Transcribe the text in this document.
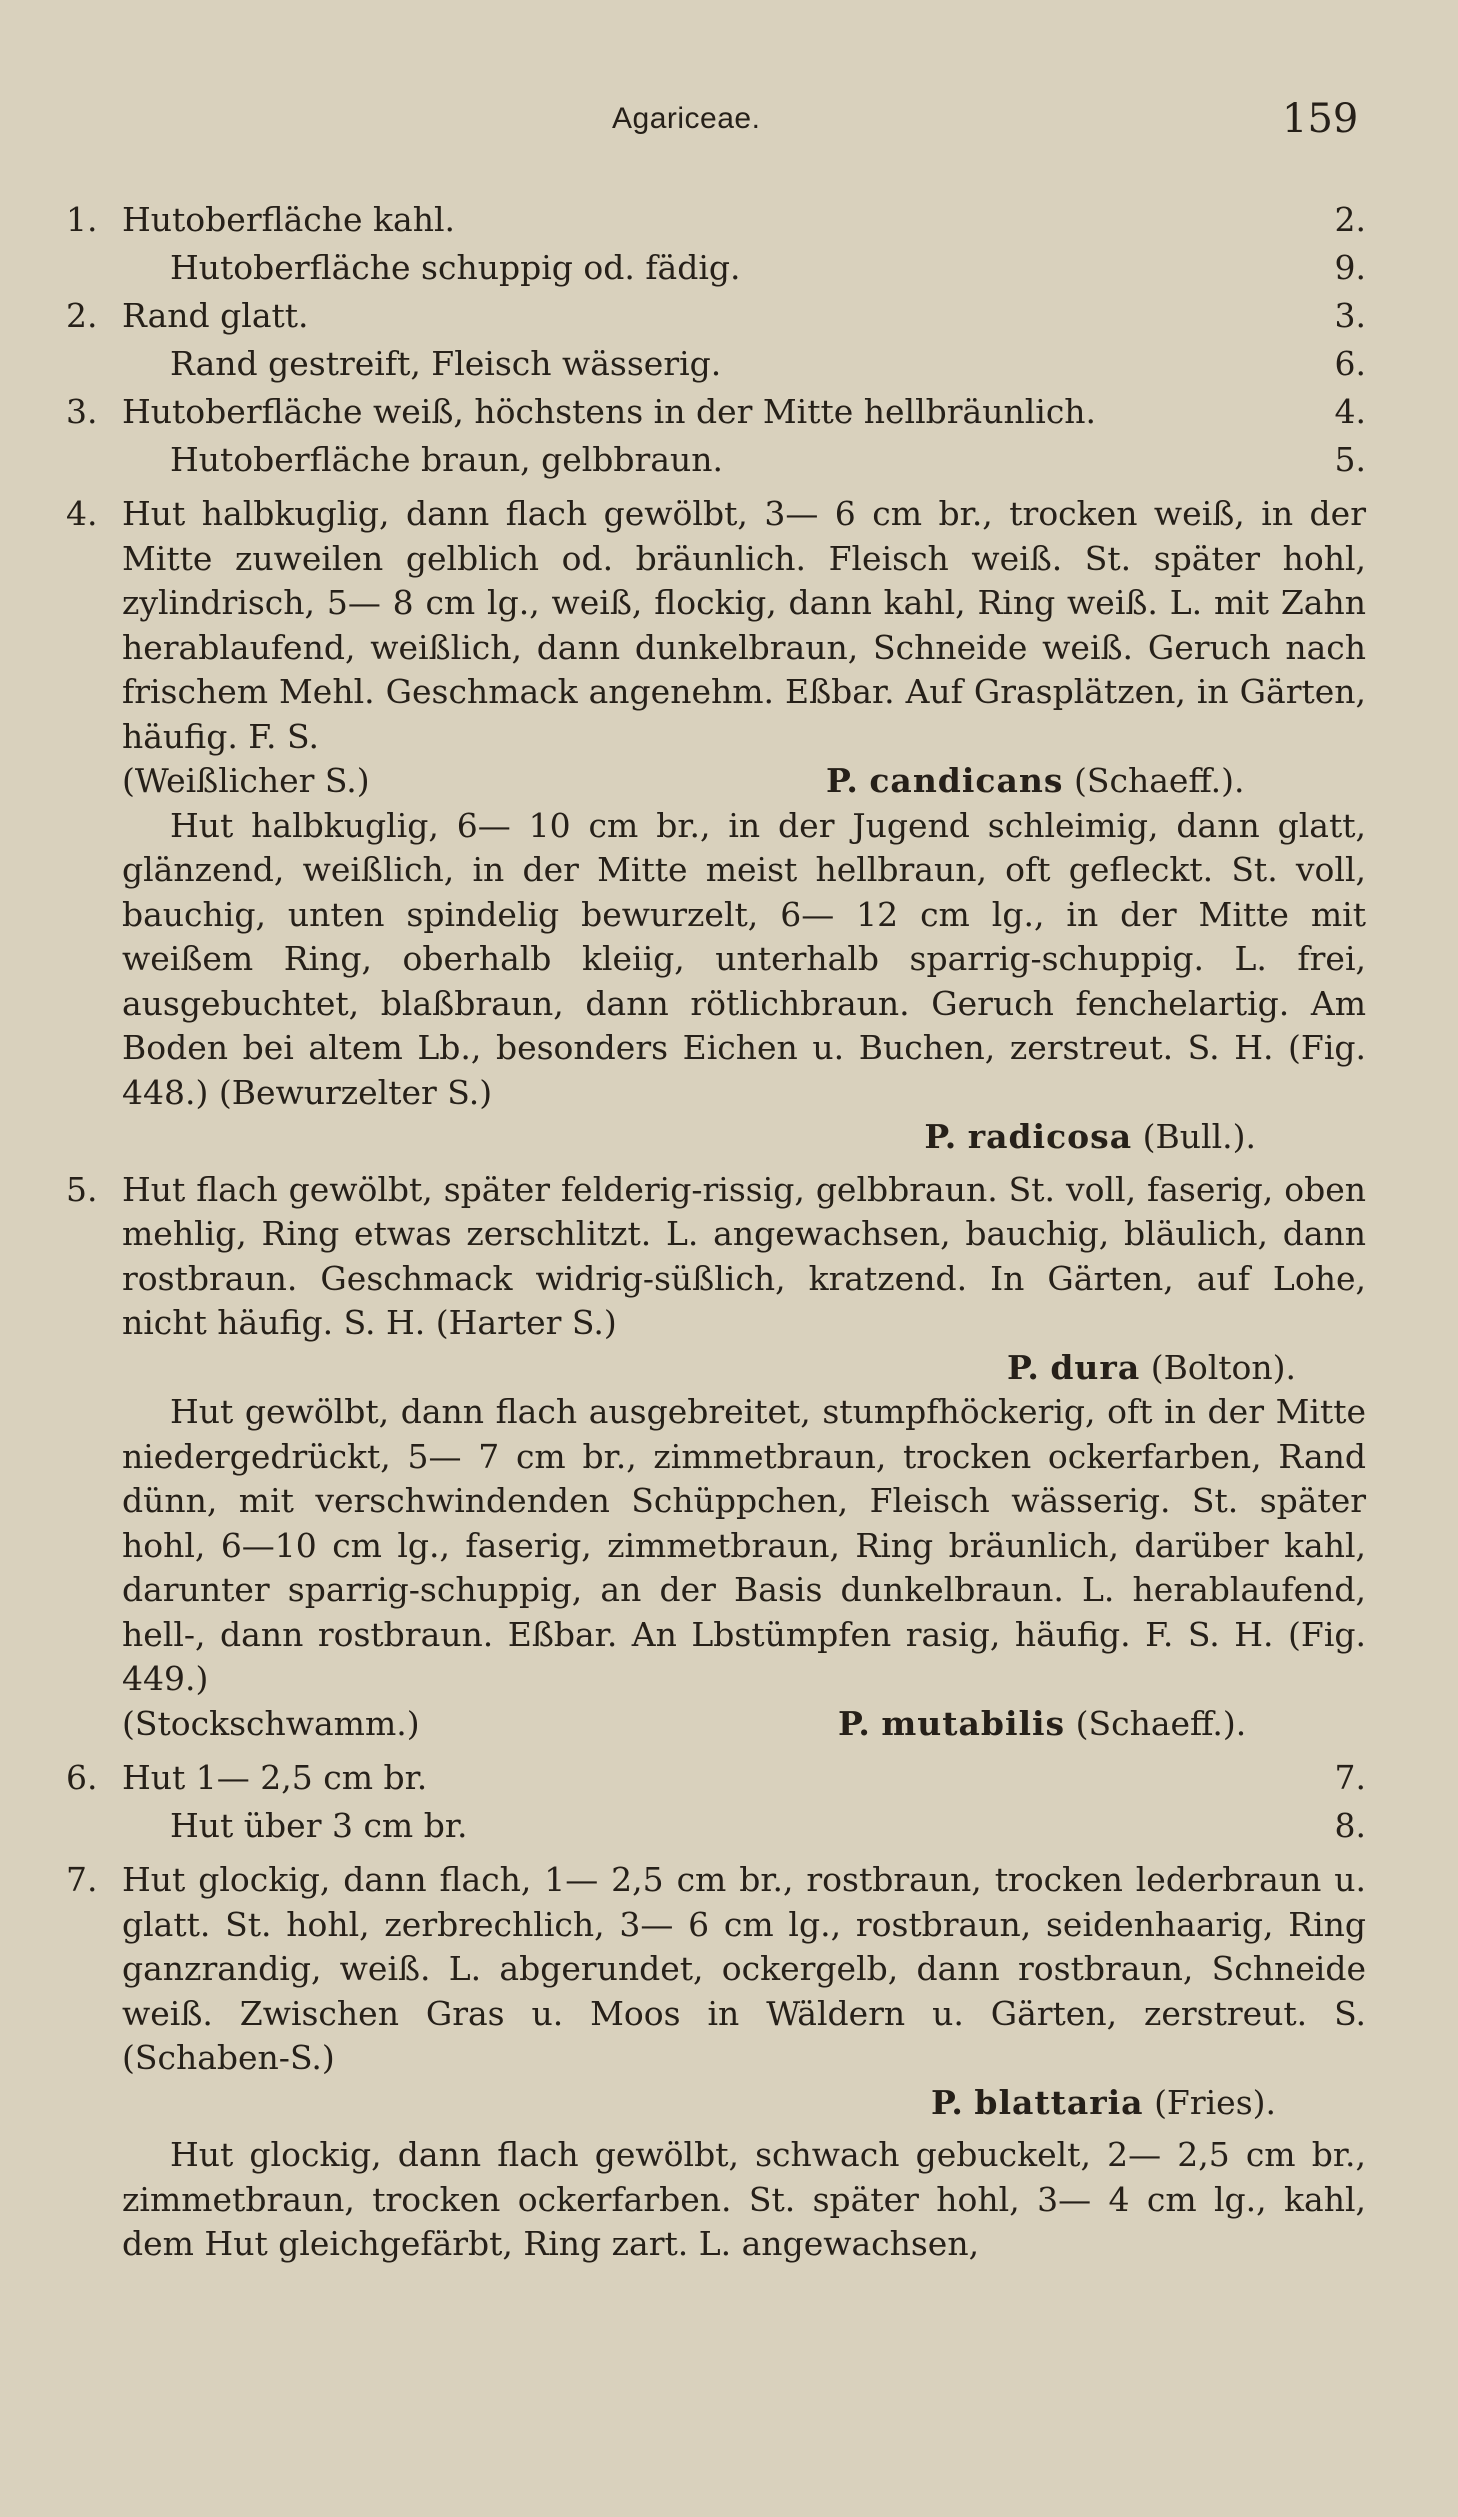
Agariceae.	159
1. Hutoberfläche kahl.	2.
Hutoberfläche schuppig od. fädig.	9.
2. Rand glatt.	3.
Rand gestreift, Fleisch wässerig.	6.
3. Hutoberfläche weiß, höchstens in der Mitte hellbräunlich.	4.
Hutoberfläche braun, gelbbraun.	5.

4. Hut halbkuglig, dann flach gewölbt, 3— 6 cm br., trocken weiß, in der Mitte zuweilen gelblich od. bräunlich. Fleisch weiß. St. später hohl, zylindrisch, 5— 8 cm lg., weiß, flockig, dann kahl, Ring weiß. L. mit Zahn herablaufend, weißlich, dann dunkelbraun, Schneide weiß. Geruch nach frischem Mehl. Geschmack angenehm. Eßbar. Auf Grasplätzen, in Gärten, häufig. F. S.

(Weißlicher S.)	P. candicans (Schaeff.).

Hut halbkuglig, 6— 10 cm br., in der Jugend schleimig, dann glatt, glänzend, weißlich, in der Mitte meist hellbraun, oft gefleckt. St. voll, bauchig, unten spindelig bewurzelt, 6— 12 cm lg., in der Mitte mit weißem Ring, oberhalb kleiig, unterhalb sparrig-schuppig. L. frei, ausgebuchtet, blaßbraun, dann rötlichbraun. Geruch fenchelartig. Am Boden bei altem Lb., besonders Eichen u. Buchen, zerstreut. S. H. (Fig. 448.) (Bewurzelter S.)

P. radicosa (Bull.).

5. Hut flach gewölbt, später felderig-rissig, gelbbraun. St. voll, faserig, oben mehlig, Ring etwas zerschlitzt. L. angewachsen, bauchig, bläulich, dann rostbraun. Geschmack widrig-süßlich, kratzend. In Gärten, auf Lohe, nicht häufig. S. H. (Harter S.)

P. dura (Bolton).

Hut gewölbt, dann flach ausgebreitet, stumpfhöckerig, oft in der Mitte niedergedrückt, 5— 7 cm br., zimmetbraun, trocken ockerfarben, Rand dünn, mit verschwindenden Schüppchen, Fleisch wässerig. St. später hohl, 6—10 cm lg., faserig, zimmetbraun, Ring bräunlich, darüber kahl, darunter sparrig-schuppig, an der Basis dunkelbraun. L. herablaufend, hell-, dann rostbraun. Eßbar. An Lbstümpfen rasig, häufig. F. S. H. (Fig. 449.)

(Stockschwamm.)	P. mutabilis (Schaeff.).
6. Hut 1— 2,5 cm br.	7.
Hut über 3 cm br.	8.

7. Hut glockig, dann flach, 1— 2,5 cm br., rostbraun, trocken lederbraun u. glatt. St. hohl, zerbrechlich, 3— 6 cm lg., rostbraun, seidenhaarig, Ring ganzrandig, weiß. L. abgerundet, ockergelb, dann rostbraun, Schneide weiß. Zwischen Gras u. Moos in Wäldern u. Gärten, zerstreut. S. (Schaben-S.)

P. blattaria (Fries).

Hut glockig, dann flach gewölbt, schwach gebuckelt, 2— 2,5 cm br., zimmetbraun, trocken ockerfarben. St. später hohl, 3— 4 cm lg., kahl, dem Hut gleichgefärbt, Ring zart. L. angewachsen,
